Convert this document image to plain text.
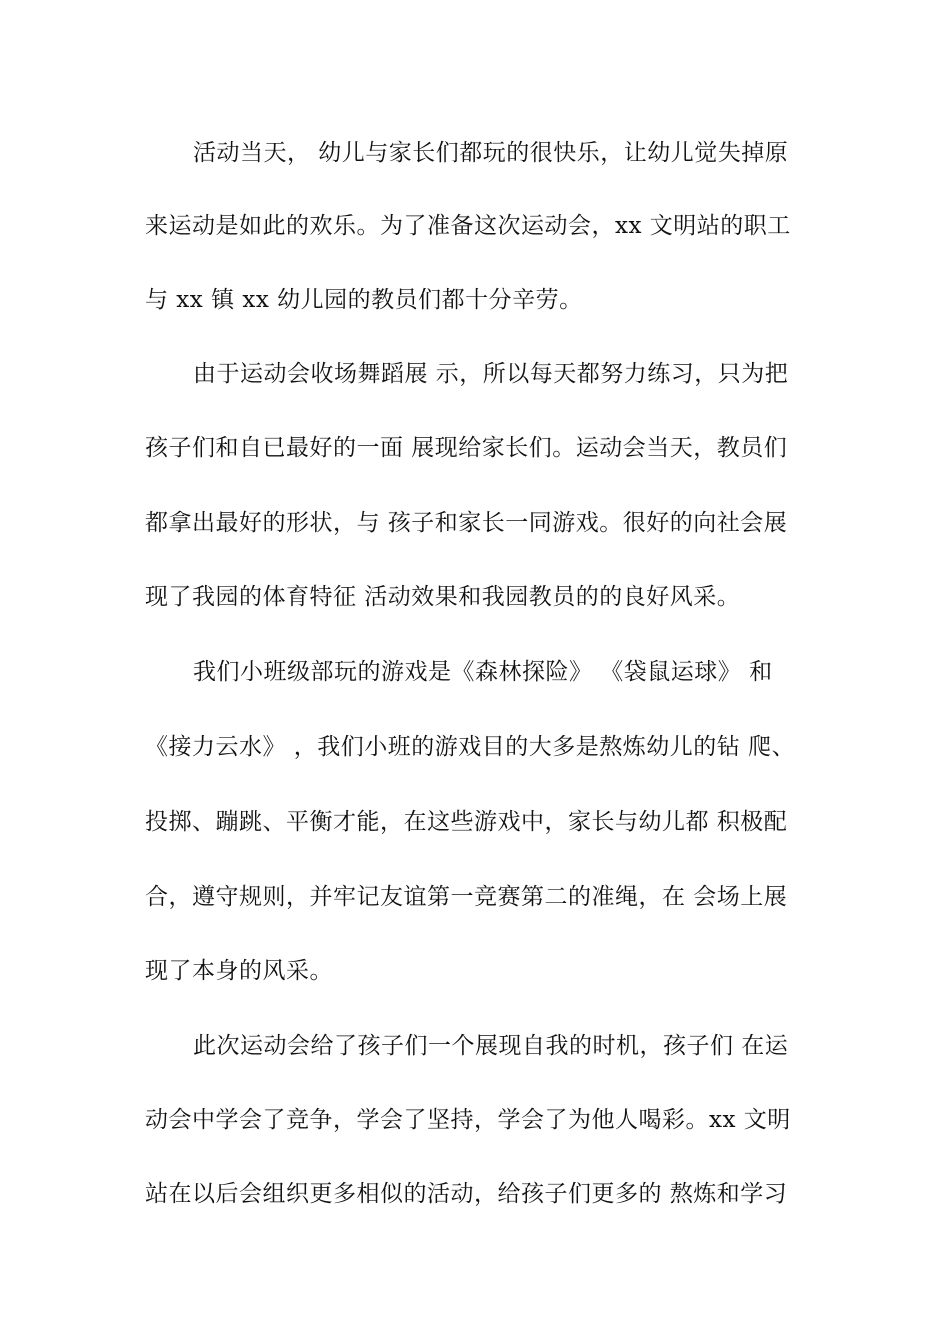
活动当天， 幼儿与家长们都玩的很快乐，让幼儿觉失掉原
来运动是如此的欢乐。为了准备这次运动会，xx 文明站的职工
与 xx 镇 xx 幼儿园的教员们都十分辛劳。
由于运动会收场舞蹈展 示，所以每天都努力练习，只为把
孩子们和自已最好的一面 展现给家长们。运动会当天，教员们
都拿出最好的形状，与 孩子和家长一同游戏。很好的向社会展
现了我园的体育特征 活动效果和我园教员的的良好风采。
我们小班级部玩的游戏是《森林探险》 《袋鼠运球》 和
《接力云水》 ，我们小班的游戏目的大多是熬炼幼儿的钻 爬、
投掷、蹦跳、平衡才能，在这些游戏中，家长与幼儿都 积极配
合，遵守规则，并牢记友谊第一竞赛第二的准绳，在 会场上展
现了本身的风采。
此次运动会给了孩子们一个展现自我的时机，孩子们 在运
动会中学会了竞争，学会了坚持，学会了为他人喝彩。xx 文明
站在以后会组织更多相似的活动，给孩子们更多的 熬炼和学习
